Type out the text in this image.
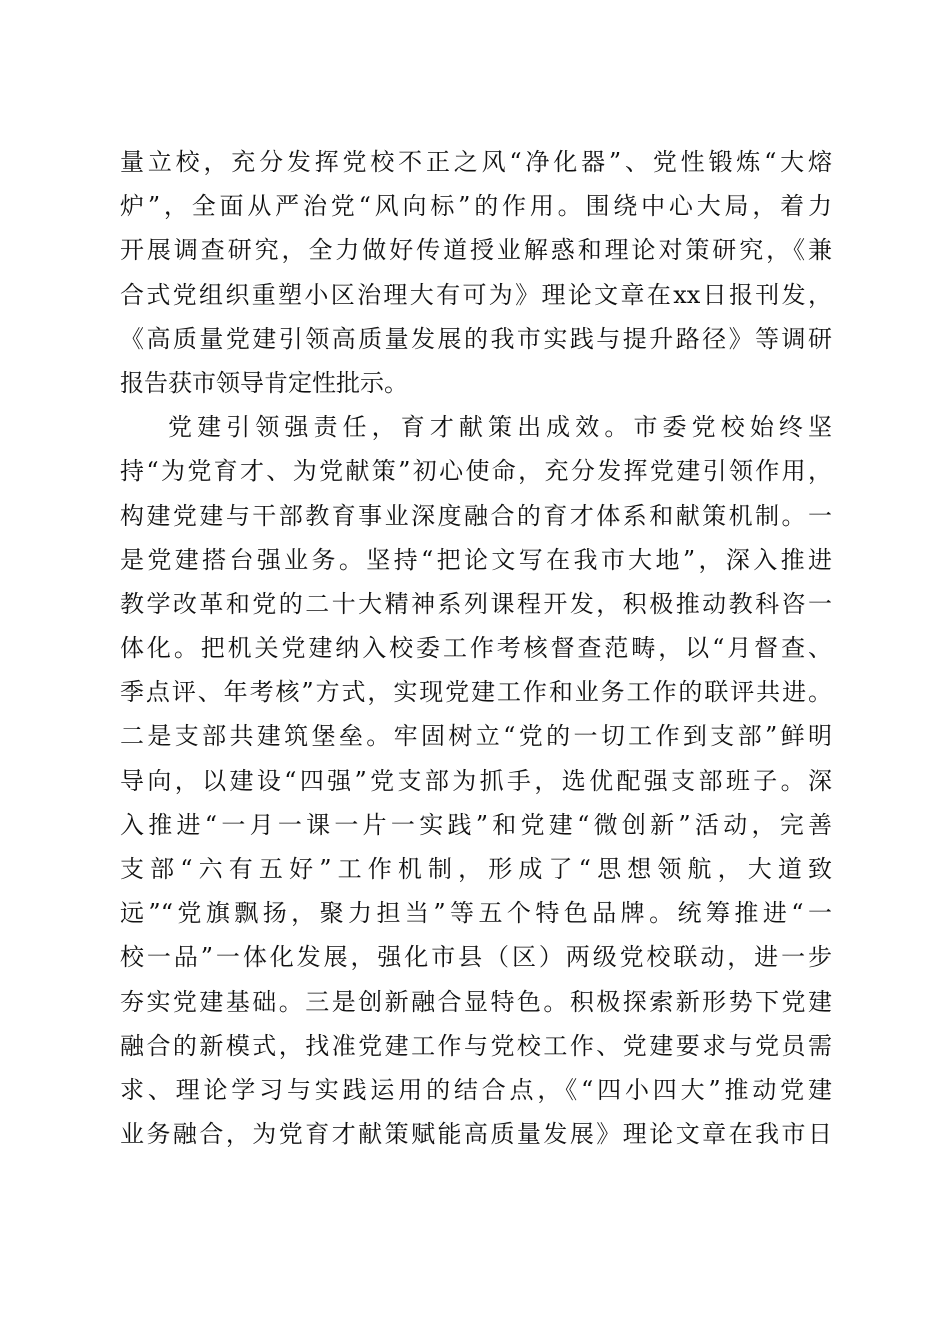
量立校，充分发挥党校不正之风“净化器”、党性锻炼“大熔
炉”，全面从严治党“风向标”的作用。围绕中心大局，着力
开展调查研究，全力做好传道授业解惑和理论对策研究，《兼
合式党组织重塑小区治理大有可为》理论文章在xx日报刊发，
《高质量党建引领高质量发展的我市实践与提升路径》等调研
报告获市领导肯定性批示。
党建引领强责任，育才献策出成效。市委党校始终坚
持“为党育才、为党献策”初心使命，充分发挥党建引领作用，
构建党建与干部教育事业深度融合的育才体系和献策机制。一
是党建搭台强业务。坚持“把论文写在我市大地”，深入推进
教学改革和党的二十大精神系列课程开发，积极推动教科咨一
体化。把机关党建纳入校委工作考核督查范畴，以“月督查、
季点评、年考核”方式，实现党建工作和业务工作的联评共进。
二是支部共建筑堡垒。牢固树立“党的一切工作到支部”鲜明
导向，以建设“四强”党支部为抓手，选优配强支部班子。深
入推进“一月一课一片一实践”和党建“微创新”活动，完善
支部“六有五好”工作机制，形成了“思想领航，大道致
远”“党旗飘扬，聚力担当”等五个特色品牌。统筹推进“一
校一品”一体化发展，强化市县（区）两级党校联动，进一步
夯实党建基础。三是创新融合显特色。积极探索新形势下党建
融合的新模式，找准党建工作与党校工作、党建要求与党员需
求、理论学习与实践运用的结合点，《“四小四大”推动党建
业务融合，为党育才献策赋能高质量发展》理论文章在我市日
